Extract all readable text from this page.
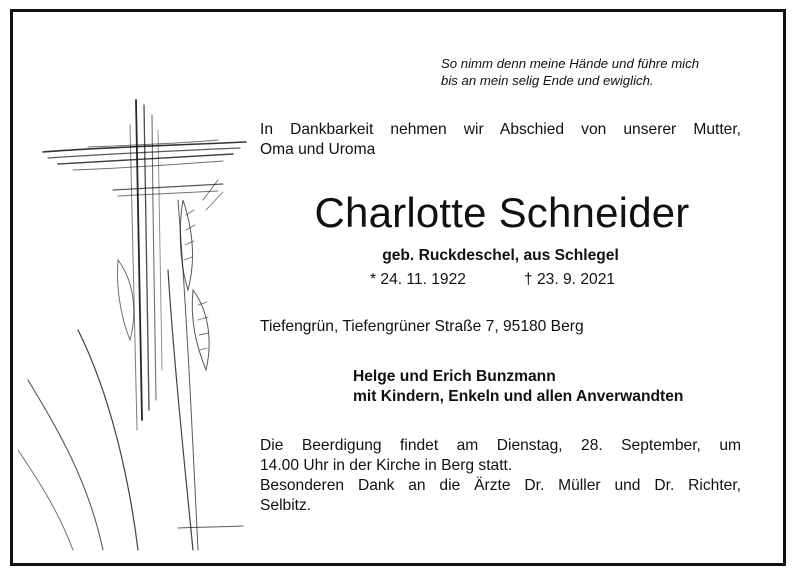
So nimm denn meine Hände und führe mich
bis an mein selig Ende und ewiglich.
In Dankbarkeit nehmen wir Abschied von unserer Mutter,
Oma und Uroma
Charlotte Schneider
geb. Ruckdeschel, aus Schlegel
* 24. 11. 1922	† 23. 9. 2021
Tiefengrün, Tiefengrüner Straße 7, 95180 Berg
Helge und Erich Bunzmann
mit Kindern, Enkeln und allen Anverwandten
Die Beerdigung findet am Dienstag, 28. September, um
14.00 Uhr in der Kirche in Berg statt.
Besonderen Dank an die Ärzte Dr. Müller und Dr. Richter,
Selbitz.
